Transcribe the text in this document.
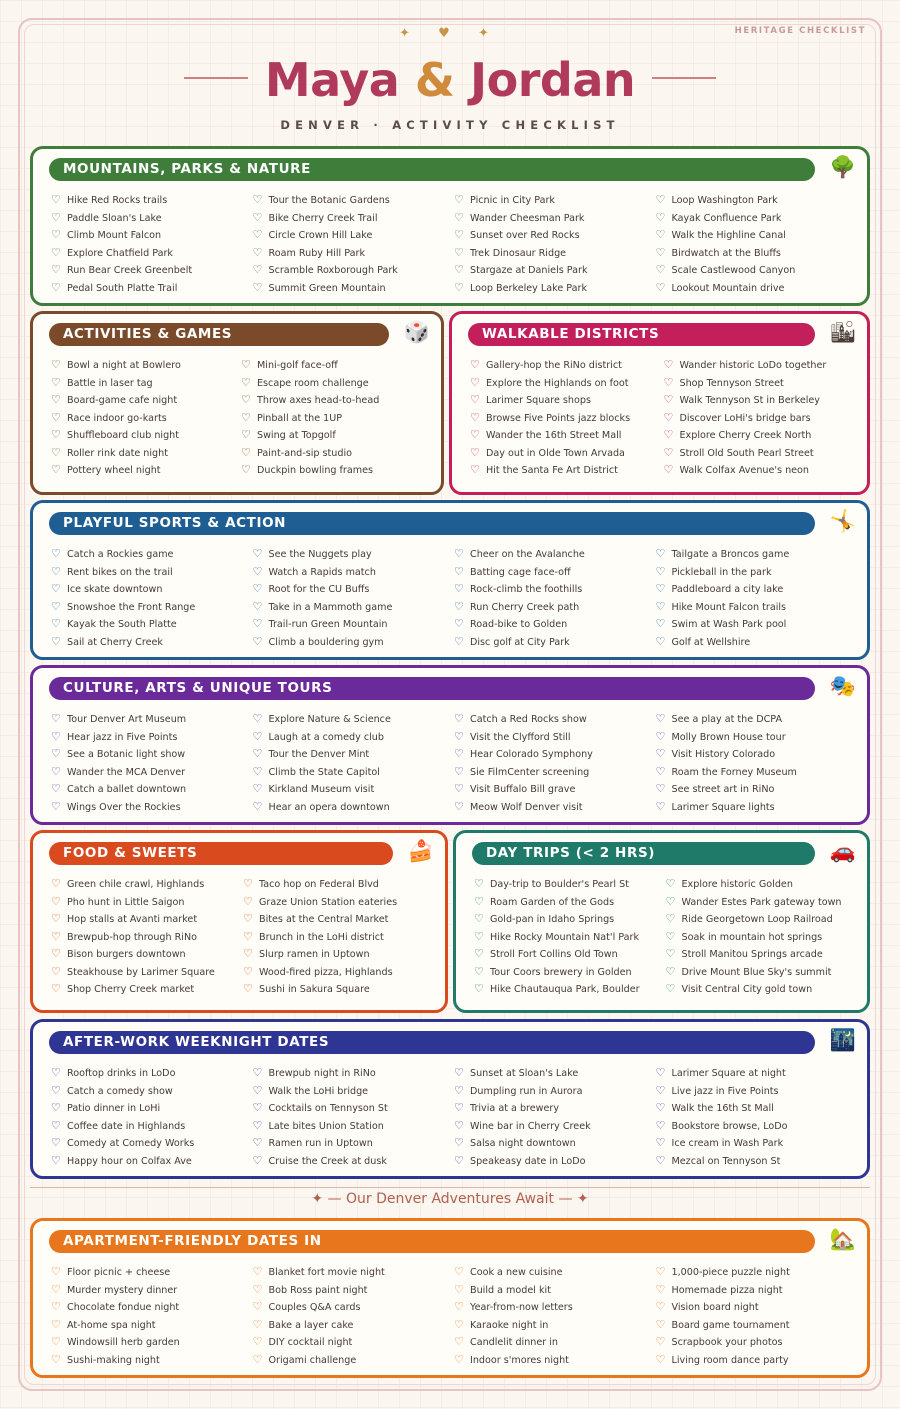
HERITAGE CHECKLIST
✦ ♥ ✦
Maya & Jordan
DENVER · ACTIVITY CHECKLIST
MOUNTAINS, PARKS & NATURE	🌳
♡ Hike Red Rocks trails
♡ Paddle Sloan's Lake
♡ Climb Mount Falcon
♡ Explore Chatfield Park
♡ Run Bear Creek Greenbelt
♡ Pedal South Platte Trail
♡ Tour the Botanic Gardens
♡ Bike Cherry Creek Trail
♡ Circle Crown Hill Lake
♡ Roam Ruby Hill Park
♡ Scramble Roxborough Park
♡ Summit Green Mountain
♡ Picnic in City Park
♡ Wander Cheesman Park
♡ Sunset over Red Rocks
♡ Trek Dinosaur Ridge
♡ Stargaze at Daniels Park
♡ Loop Berkeley Lake Park
♡ Loop Washington Park
♡ Kayak Confluence Park
♡ Walk the Highline Canal
♡ Birdwatch at the Bluffs
♡ Scale Castlewood Canyon
♡ Lookout Mountain drive
ACTIVITIES & GAMES	🎲
♡ Bowl a night at Bowlero
♡ Battle in laser tag
♡ Board-game cafe night
♡ Race indoor go-karts
♡ Shuffleboard club night
♡ Roller rink date night
♡ Pottery wheel night
♡ Mini-golf face-off
♡ Escape room challenge
♡ Throw axes head-to-head
♡ Pinball at the 1UP
♡ Swing at Topgolf
♡ Paint-and-sip studio
♡ Duckpin bowling frames
WALKABLE DISTRICTS	🏙
♡ Gallery-hop the RiNo district
♡ Explore the Highlands on foot
♡ Larimer Square shops
♡ Browse Five Points jazz blocks
♡ Wander the 16th Street Mall
♡ Day out in Olde Town Arvada
♡ Hit the Santa Fe Art District
♡ Wander historic LoDo together
♡ Shop Tennyson Street
♡ Walk Tennyson St in Berkeley
♡ Discover LoHi's bridge bars
♡ Explore Cherry Creek North
♡ Stroll Old South Pearl Street
♡ Walk Colfax Avenue's neon
PLAYFUL SPORTS & ACTION	🤸
♡ Catch a Rockies game
♡ Rent bikes on the trail
♡ Ice skate downtown
♡ Snowshoe the Front Range
♡ Kayak the South Platte
♡ Sail at Cherry Creek
♡ See the Nuggets play
♡ Watch a Rapids match
♡ Root for the CU Buffs
♡ Take in a Mammoth game
♡ Trail-run Green Mountain
♡ Climb a bouldering gym
♡ Cheer on the Avalanche
♡ Batting cage face-off
♡ Rock-climb the foothills
♡ Run Cherry Creek path
♡ Road-bike to Golden
♡ Disc golf at City Park
♡ Tailgate a Broncos game
♡ Pickleball in the park
♡ Paddleboard a city lake
♡ Hike Mount Falcon trails
♡ Swim at Wash Park pool
♡ Golf at Wellshire
CULTURE, ARTS & UNIQUE TOURS	🎭
♡ Tour Denver Art Museum
♡ Hear jazz in Five Points
♡ See a Botanic light show
♡ Wander the MCA Denver
♡ Catch a ballet downtown
♡ Wings Over the Rockies
♡ Explore Nature & Science
♡ Laugh at a comedy club
♡ Tour the Denver Mint
♡ Climb the State Capitol
♡ Kirkland Museum visit
♡ Hear an opera downtown
♡ Catch a Red Rocks show
♡ Visit the Clyfford Still
♡ Hear Colorado Symphony
♡ Sie FilmCenter screening
♡ Visit Buffalo Bill grave
♡ Meow Wolf Denver visit
♡ See a play at the DCPA
♡ Molly Brown House tour
♡ Visit History Colorado
♡ Roam the Forney Museum
♡ See street art in RiNo
♡ Larimer Square lights
FOOD & SWEETS	🍰
♡ Green chile crawl, Highlands
♡ Pho hunt in Little Saigon
♡ Hop stalls at Avanti market
♡ Brewpub-hop through RiNo
♡ Bison burgers downtown
♡ Steakhouse by Larimer Square
♡ Shop Cherry Creek market
♡ Taco hop on Federal Blvd
♡ Graze Union Station eateries
♡ Bites at the Central Market
♡ Brunch in the LoHi district
♡ Slurp ramen in Uptown
♡ Wood-fired pizza, Highlands
♡ Sushi in Sakura Square
DAY TRIPS (< 2 HRS)	🚗
♡ Day-trip to Boulder's Pearl St
♡ Roam Garden of the Gods
♡ Gold-pan in Idaho Springs
♡ Hike Rocky Mountain Nat'l Park
♡ Stroll Fort Collins Old Town
♡ Tour Coors brewery in Golden
♡ Hike Chautauqua Park, Boulder
♡ Explore historic Golden
♡ Wander Estes Park gateway town
♡ Ride Georgetown Loop Railroad
♡ Soak in mountain hot springs
♡ Stroll Manitou Springs arcade
♡ Drive Mount Blue Sky's summit
♡ Visit Central City gold town
AFTER-WORK WEEKNIGHT DATES	🌃
♡ Rooftop drinks in LoDo
♡ Catch a comedy show
♡ Patio dinner in LoHi
♡ Coffee date in Highlands
♡ Comedy at Comedy Works
♡ Happy hour on Colfax Ave
♡ Brewpub night in RiNo
♡ Walk the LoHi bridge
♡ Cocktails on Tennyson St
♡ Late bites Union Station
♡ Ramen run in Uptown
♡ Cruise the Creek at dusk
♡ Sunset at Sloan's Lake
♡ Dumpling run in Aurora
♡ Trivia at a brewery
♡ Wine bar in Cherry Creek
♡ Salsa night downtown
♡ Speakeasy date in LoDo
♡ Larimer Square at night
♡ Live jazz in Five Points
♡ Walk the 16th St Mall
♡ Bookstore browse, LoDo
♡ Ice cream in Wash Park
♡ Mezcal on Tennyson St
✦ — Our Denver Adventures Await — ✦
APARTMENT-FRIENDLY DATES IN	🏡
♡ Floor picnic + cheese
♡ Murder mystery dinner
♡ Chocolate fondue night
♡ At-home spa night
♡ Windowsill herb garden
♡ Sushi-making night
♡ Blanket fort movie night
♡ Bob Ross paint night
♡ Couples Q&A cards
♡ Bake a layer cake
♡ DIY cocktail night
♡ Origami challenge
♡ Cook a new cuisine
♡ Build a model kit
♡ Year-from-now letters
♡ Karaoke night in
♡ Candlelit dinner in
♡ Indoor s'mores night
♡ 1,000-piece puzzle night
♡ Homemade pizza night
♡ Vision board night
♡ Board game tournament
♡ Scrapbook your photos
♡ Living room dance party
